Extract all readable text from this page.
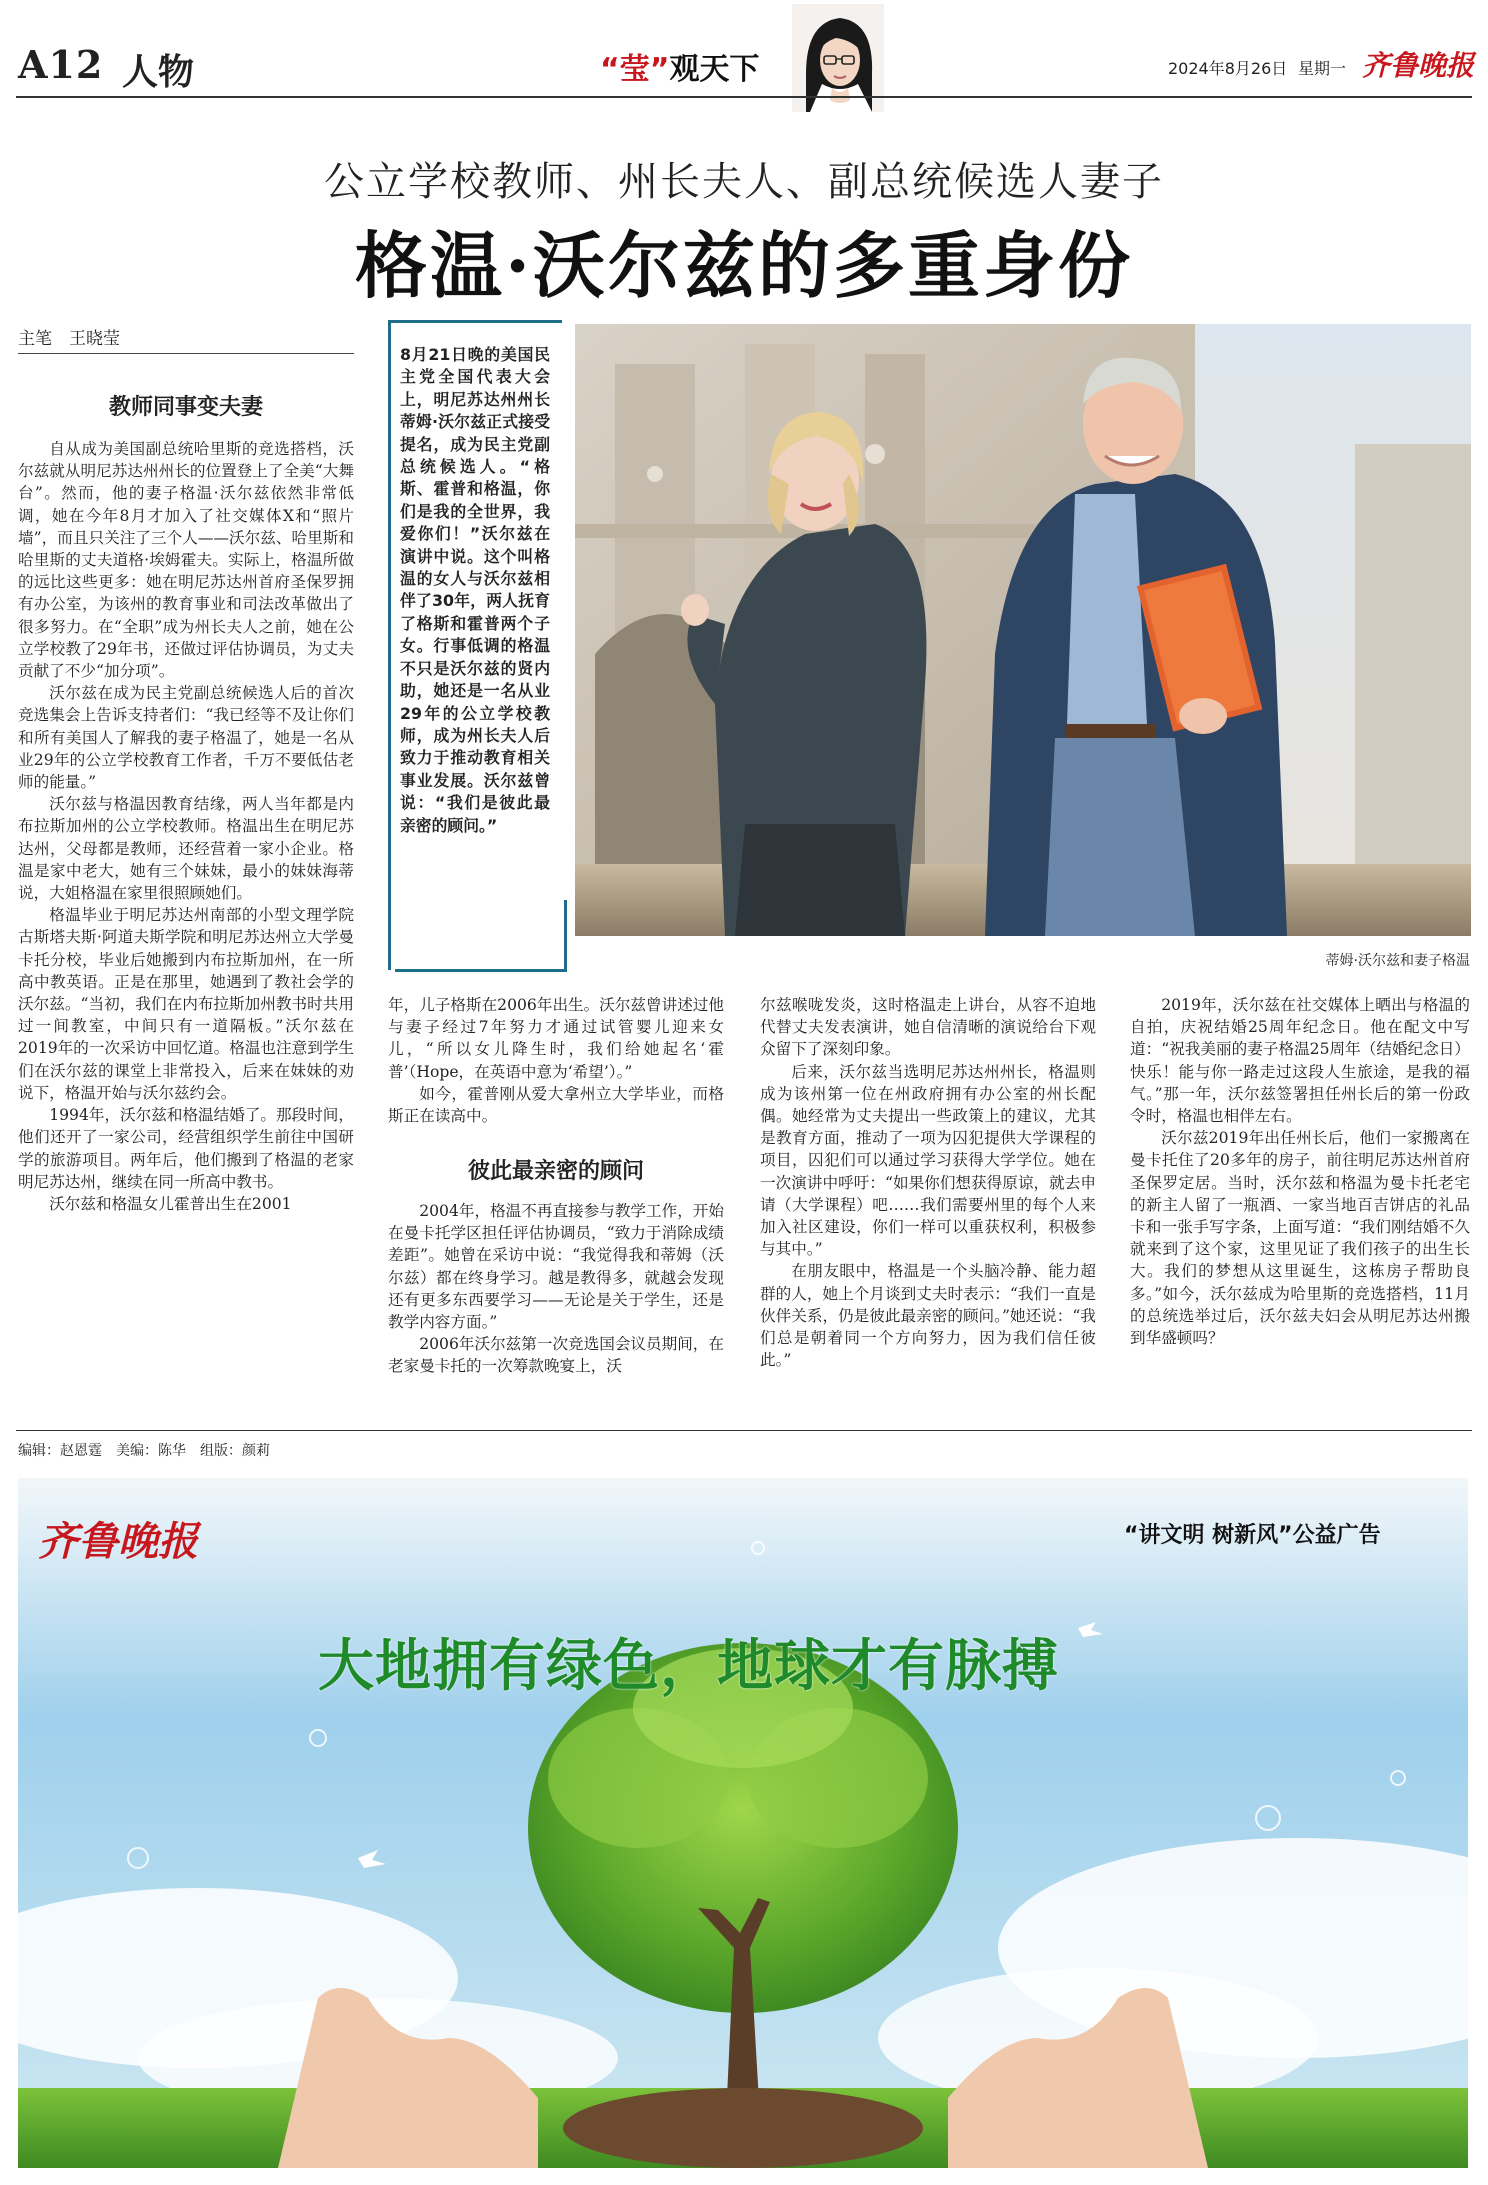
A12 人物	“莹”观天下	2024年8月26日 星期一 齐鲁晚报
公立学校教师、州长夫人、副总统候选人妻子
格温·沃尔兹的多重身份
主笔　王晓莹
教师同事变夫妻

自从成为美国副总统哈里斯的竞选搭档，沃尔兹就从明尼苏达州州长的位置登上了全美“大舞台”。然而，他的妻子格温·沃尔兹依然非常低调，她在今年8月才加入了社交媒体X和“照片墙”，而且只关注了三个人——沃尔兹、哈里斯和哈里斯的丈夫道格·埃姆霍夫。实际上，格温所做的远比这些更多：她在明尼苏达州首府圣保罗拥有办公室，为该州的教育事业和司法改革做出了很多努力。在“全职”成为州长夫人之前，她在公立学校教了29年书，还做过评估协调员，为丈夫贡献了不少“加分项”。

沃尔兹在成为民主党副总统候选人后的首次竞选集会上告诉支持者们：“我已经等不及让你们和所有美国人了解我的妻子格温了，她是一名从业29年的公立学校教育工作者，千万不要低估老师的能量。”

沃尔兹与格温因教育结缘，两人当年都是内布拉斯加州的公立学校教师。格温出生在明尼苏达州，父母都是教师，还经营着一家小企业。格温是家中老大，她有三个妹妹，最小的妹妹海蒂说，大姐格温在家里很照顾她们。

格温毕业于明尼苏达州南部的小型文理学院古斯塔夫斯·阿道夫斯学院和明尼苏达州立大学曼卡托分校，毕业后她搬到内布拉斯加州，在一所高中教英语。正是在那里，她遇到了教社会学的沃尔兹。“当初，我们在内布拉斯加州教书时共用过一间教室，中间只有一道隔板。”沃尔兹在2019年的一次采访中回忆道。格温也注意到学生们在沃尔兹的课堂上非常投入，后来在妹妹的劝说下，格温开始与沃尔兹约会。

1994年，沃尔兹和格温结婚了。那段时间，他们还开了一家公司，经营组织学生前往中国研学的旅游项目。两年后，他们搬到了格温的老家明尼苏达州，继续在同一所高中教书。

沃尔兹和格温女儿霍普出生在2001

8月21日晚的美国民主党全国代表大会上，明尼苏达州州长蒂姆·沃尔兹正式接受提名，成为民主党副总统候选人。“格斯、霍普和格温，你们是我的全世界，我爱你们！”沃尔兹在演讲中说。这个叫格温的女人与沃尔兹相伴了30年，两人抚育了格斯和霍普两个子女。行事低调的格温不只是沃尔兹的贤内助，她还是一名从业29年的公立学校教师，成为州长夫人后致力于推动教育相关事业发展。沃尔兹曾说：“我们是彼此最亲密的顾问。”
蒂姆·沃尔兹和妻子格温

年，儿子格斯在2006年出生。沃尔兹曾讲述过他与妻子经过7年努力才通过试管婴儿迎来女儿，“所以女儿降生时，我们给她起名‘霍普’（Hope，在英语中意为‘希望’）。”

如今，霍普刚从爱大拿州立大学毕业，而格斯正在读高中。

彼此最亲密的顾问

2004年，格温不再直接参与教学工作，开始在曼卡托学区担任评估协调员，“致力于消除成绩差距”。她曾在采访中说：“我觉得我和蒂姆（沃尔兹）都在终身学习。越是教得多，就越会发现还有更多东西要学习——无论是关于学生，还是教学内容方面。”

2006年沃尔兹第一次竞选国会议员期间，在老家曼卡托的一次筹款晚宴上，沃

尔兹喉咙发炎，这时格温走上讲台，从容不迫地代替丈夫发表演讲，她自信清晰的演说给台下观众留下了深刻印象。

后来，沃尔兹当选明尼苏达州州长，格温则成为该州第一位在州政府拥有办公室的州长配偶。她经常为丈夫提出一些政策上的建议，尤其是教育方面，推动了一项为囚犯提供大学课程的项目，囚犯们可以通过学习获得大学学位。她在一次演讲中呼吁：“如果你们想获得原谅，就去申请（大学课程）吧……我们需要州里的每个人来加入社区建设，你们一样可以重获权利，积极参与其中。”

在朋友眼中，格温是一个头脑冷静、能力超群的人，她上个月谈到丈夫时表示：“我们一直是伙伴关系，仍是彼此最亲密的顾问。”她还说：“我们总是朝着同一个方向努力，因为我们信任彼此。”

2019年，沃尔兹在社交媒体上晒出与格温的自拍，庆祝结婚25周年纪念日。他在配文中写道：“祝我美丽的妻子格温25周年（结婚纪念日）快乐！能与你一路走过这段人生旅途，是我的福气。”那一年，沃尔兹签署担任州长后的第一份政令时，格温也相伴左右。

沃尔兹2019年出任州长后，他们一家搬离在曼卡托住了20多年的房子，前往明尼苏达州首府圣保罗定居。当时，沃尔兹和格温为曼卡托老宅的新主人留了一瓶酒、一家当地百吉饼店的礼品卡和一张手写字条，上面写道：“我们刚结婚不久就来到了这个家，这里见证了我们孩子的出生长大。我们的梦想从这里诞生，这栋房子帮助良多。”如今，沃尔兹成为哈里斯的竞选搭档，11月的总统选举过后，沃尔兹夫妇会从明尼苏达州搬到华盛顿吗？

编辑：赵恩霆　美编：陈华　组版：颜莉
齐鲁晚报	“讲文明 树新风”公益广告
大地拥有绿色，地球才有脉搏
